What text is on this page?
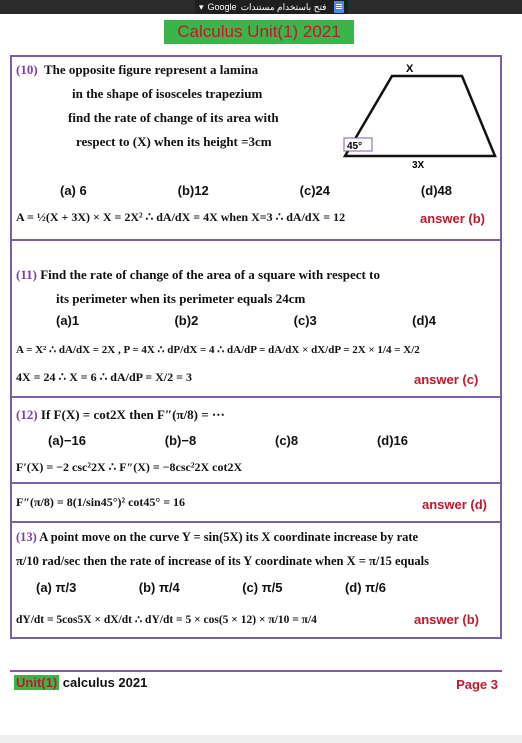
▾ Google فتح باستخدام مستندات
Calculus Unit(1) 2021
(10) The opposite figure represent a lamina
in the shape of isosceles trapezium
find the rate of change of its area with
respect to (X) when its height =3cm
X
3X
45°
(a) 6	(b)12	(c)24	(d)48
A = ½(X + 3X) × X = 2X² ∴ dA/dX = 4X when X=3 ∴ dA/dX = 12	answer (b)
(11) Find the rate of change of the area of a square with respect to
its perimeter when its perimeter equals 24cm
(a)1	(b)2	(c)3	(d)4
A = X² ∴ dA/dX = 2X , P = 4X ∴ dP/dX = 4 ∴ dA/dP = dA/dX × dX/dP = 2X × 1/4 = X/2
4X = 24 ∴ X = 6 ∴ dA/dP = X/2 = 3	answer (c)
(12) If F(X) = cot2X then F″(π/8) = ⋯
(a)−16	(b)−8	(c)8	(d)16
F′(X) = −2 csc²2X ∴ F″(X) = −8csc²2X cot2X
F″(π/8) = 8(1/sin45°)² cot45° = 16	answer (d)
(13) A point move on the curve Y = sin(5X) its X coordinate increase by rate
π/10 rad/sec then the rate of increase of its Y coordinate when X = π/15 equals
(a) π/3	(b) π/4	(c) π/5	(d) π/6
dY/dt = 5cos5X × dX/dt ∴ dY/dt = 5 × cos(5 × 12) × π/10 = π/4	answer (b)
Unit(1) calculus 2021	Page 3
